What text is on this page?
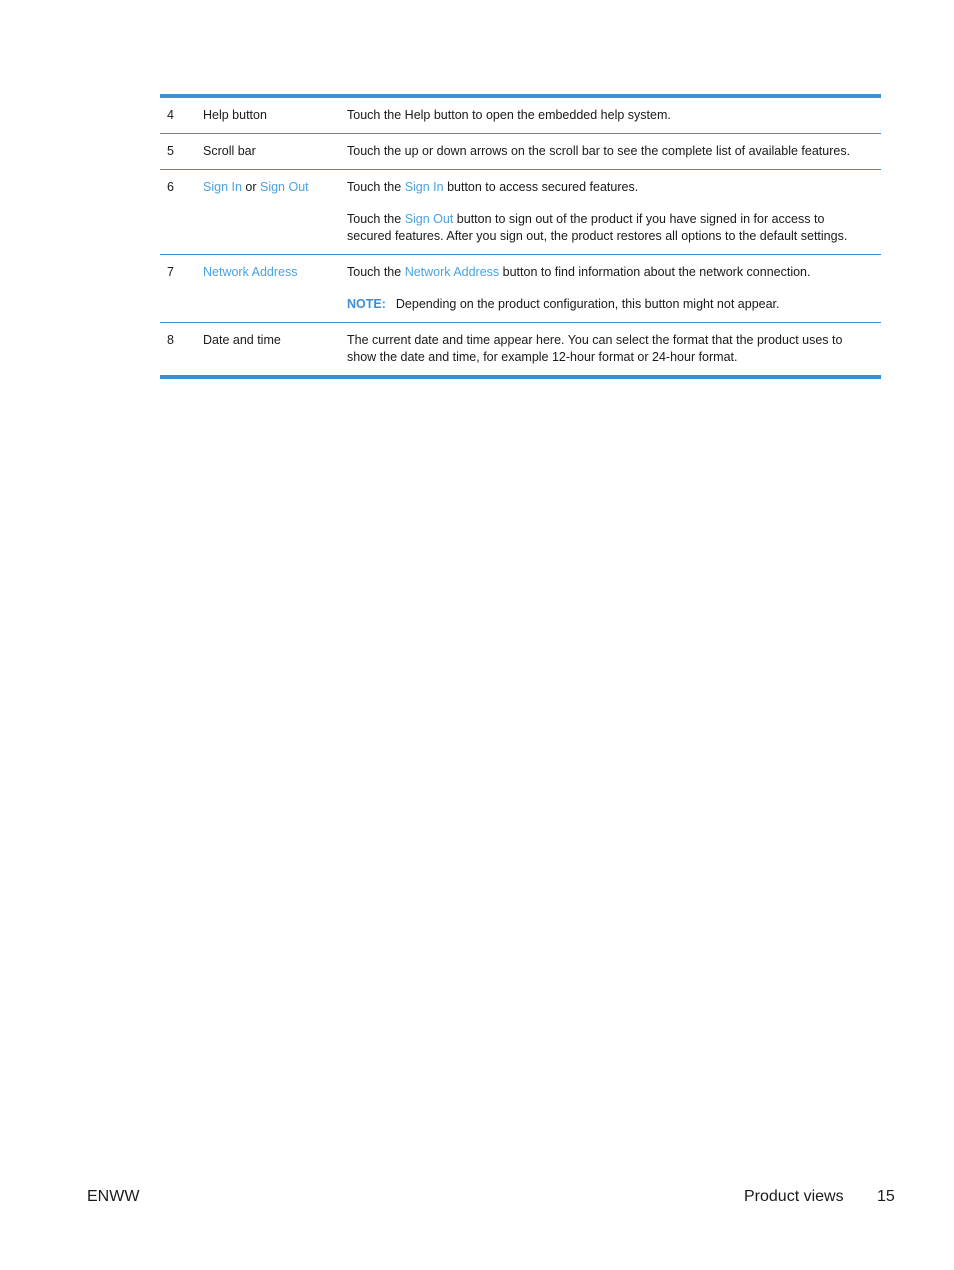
4 Help button	Touch the Help button to open the embedded help system.

5 Scroll bar	Touch the up or down arrows on the scroll bar to see the complete list of available features.

6 Sign In or Sign Out	Touch the Sign In button to access secured features.

Touch the Sign Out button to sign out of the product if you have signed in for access to secured features. After you sign out, the product restores all options to the default settings.

7 Network Address	Touch the Network Address button to find information about the network connection.

NOTE: Depending on the product configuration, this button might not appear.

8 Date and time	The current date and time appear here. You can select the format that the product uses to show the date and time, for example 12-hour format or 24-hour format.

ENWW	Product views 15
